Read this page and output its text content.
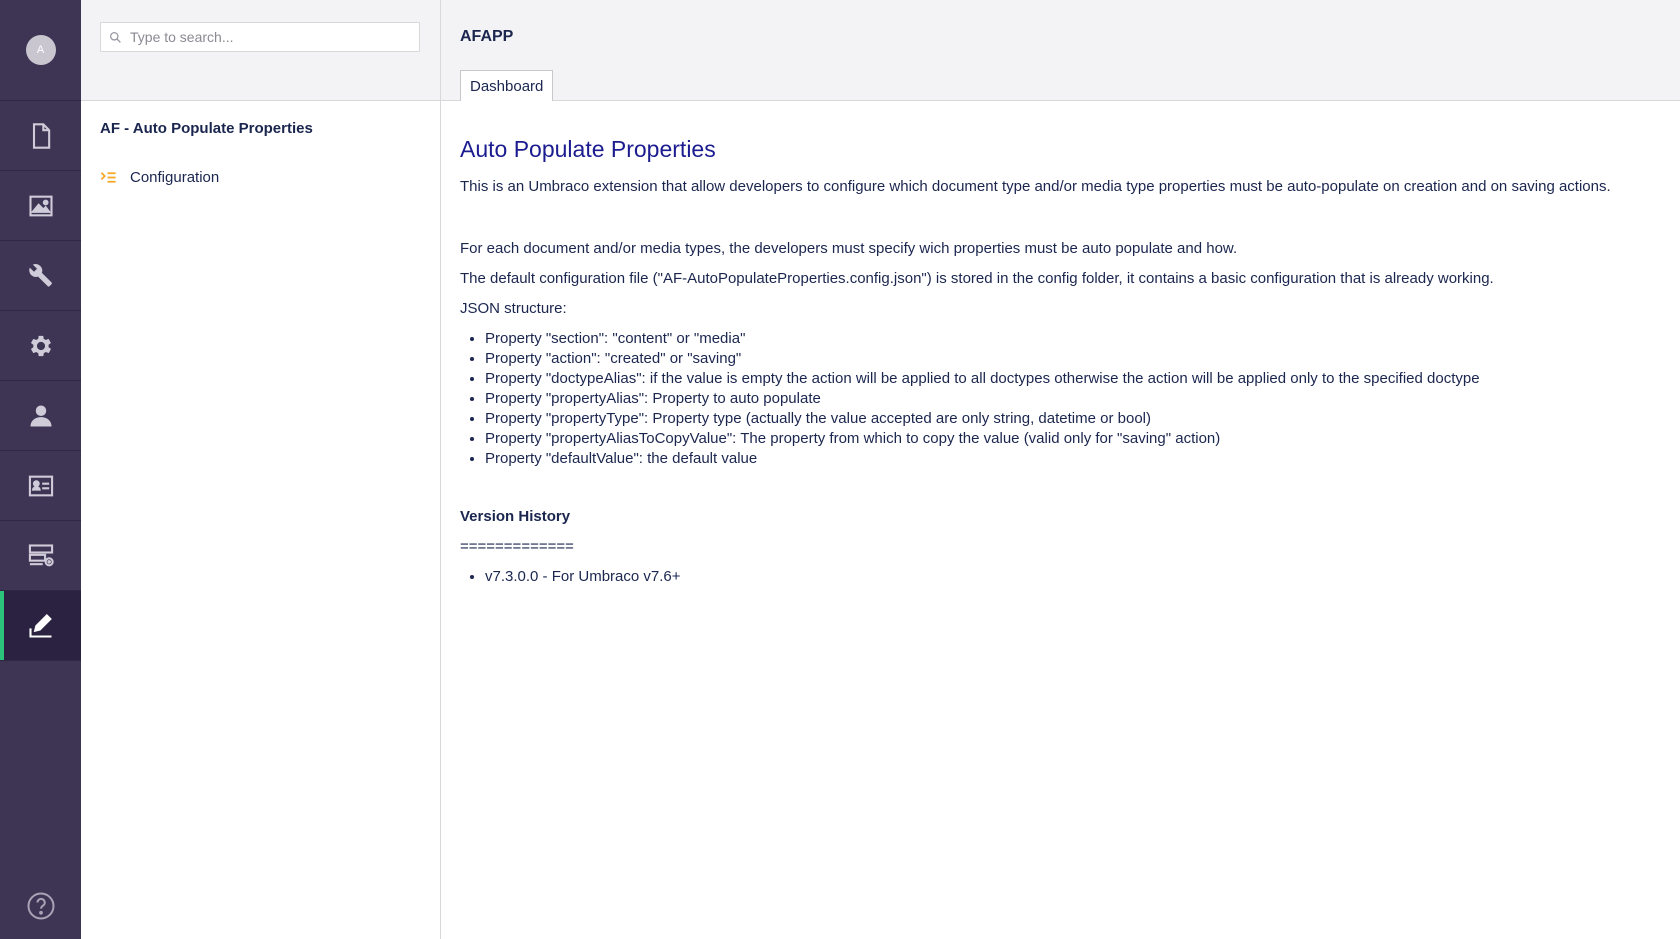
A
Type to search...
AF - Auto Populate Properties
Configuration
AFAPP
Dashboard
Auto Populate Properties

This is an Umbraco extension that allow developers to configure which document type and/or media type properties must be auto-populate on creation and on saving actions.

For each document and/or media types, the developers must specify wich properties must be auto populate and how.

The default configuration file ("AF-AutoPopulateProperties.config.json") is stored in the config folder, it contains a basic configuration that is already working.

JSON structure:

• Property "section": "content" or "media"
• Property "action": "created" or "saving"
• Property "doctypeAlias": if the value is empty the action will be applied to all doctypes otherwise the action will be applied only to the specified doctype
• Property "propertyAlias": Property to auto populate
• Property "propertyType": Property type (actually the value accepted are only string, datetime or bool)
• Property "propertyAliasToCopyValue": The property from which to copy the value (valid only for "saving" action)
• Property "defaultValue": the default value

Version History

=============

• v7.3.0.0 - For Umbraco v7.6+
